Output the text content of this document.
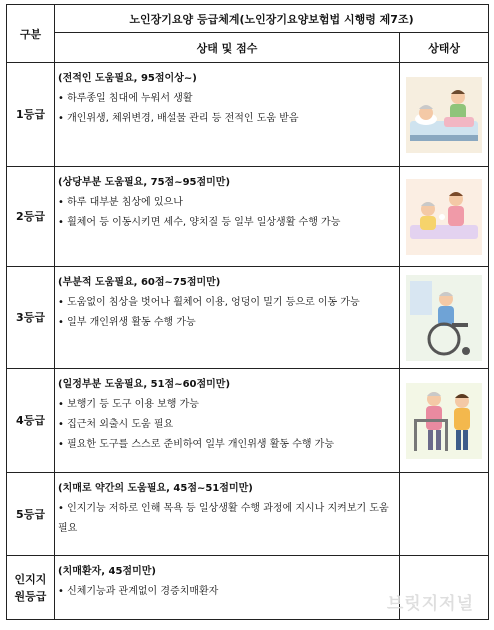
구분	노인장기요양 등급체계(노인장기요양보험법 시행령 제7조)	
	상태 및 점수	상태상
1등급	(전적인 도움필요, 95점이상~)
• 하루종일 침대에 누워서 생활
• 개인위생, 체위변경, 배설물 관리 등 전적인 도움 받음

2등급	(상당부분 도움필요, 75점~95점미만)
• 하루 대부분 침상에 있으나
• 휠체어 등 이동시키면 세수, 양치질 등 일부 일상생활 수행 가능

3등급	(부분적 도움필요, 60점~75점미만)
• 도움없이 침상을 벗어나 휠체어 이용, 엉덩이 밀기 등으로 이동 가능
• 일부 개인위생 활동 수행 가능

4등급	(일정부분 도움필요, 51점~60점미만)
• 보행기 등 도구 이용 보행 가능
• 집근처 외출시 도움 필요
• 필요한 도구를 스스로 준비하여 일부 개인위생 활동 수행 가능

5등급	(치매로 약간의 도움필요, 45점~51점미만)
• 인지기능 저하로 인해 목욕 등 일상생활 수행 과정에 지시나 지켜보기 도움 필요	

인지지
원등급	(치매환자, 45점미만)
• 신체기능과 관계없이 경증치매환자	

브릿지저널
